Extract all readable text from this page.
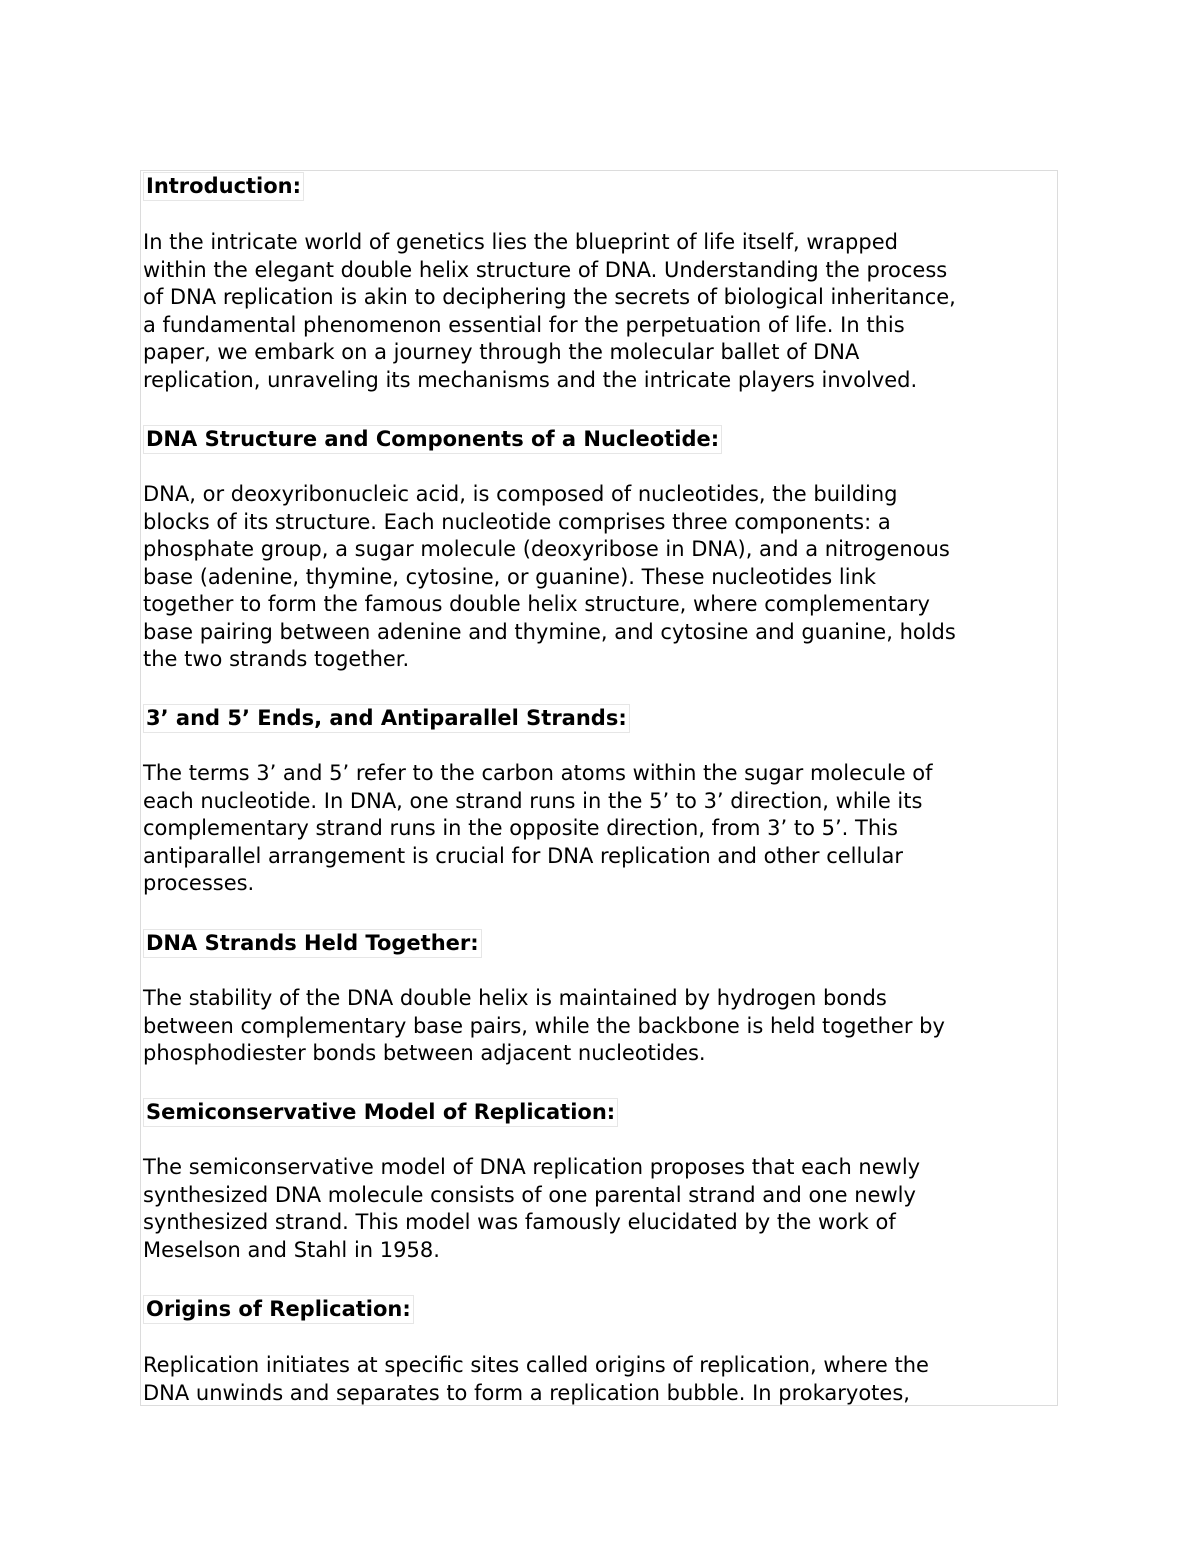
Introduction:

In the intricate world of genetics lies the blueprint of life itself, wrapped
within the elegant double helix structure of DNA. Understanding the process
of DNA replication is akin to deciphering the secrets of biological inheritance,
a fundamental phenomenon essential for the perpetuation of life. In this
paper, we embark on a journey through the molecular ballet of DNA
replication, unraveling its mechanisms and the intricate players involved.

DNA Structure and Components of a Nucleotide:

DNA, or deoxyribonucleic acid, is composed of nucleotides, the building
blocks of its structure. Each nucleotide comprises three components: a
phosphate group, a sugar molecule (deoxyribose in DNA), and a nitrogenous
base (adenine, thymine, cytosine, or guanine). These nucleotides link
together to form the famous double helix structure, where complementary
base pairing between adenine and thymine, and cytosine and guanine, holds
the two strands together.

3’ and 5’ Ends, and Antiparallel Strands:

The terms 3’ and 5’ refer to the carbon atoms within the sugar molecule of
each nucleotide. In DNA, one strand runs in the 5’ to 3’ direction, while its
complementary strand runs in the opposite direction, from 3’ to 5’. This
antiparallel arrangement is crucial for DNA replication and other cellular
processes.

DNA Strands Held Together:

The stability of the DNA double helix is maintained by hydrogen bonds
between complementary base pairs, while the backbone is held together by
phosphodiester bonds between adjacent nucleotides.

Semiconservative Model of Replication:

The semiconservative model of DNA replication proposes that each newly
synthesized DNA molecule consists of one parental strand and one newly
synthesized strand. This model was famously elucidated by the work of
Meselson and Stahl in 1958.

Origins of Replication:

Replication initiates at specific sites called origins of replication, where the
DNA unwinds and separates to form a replication bubble. In prokaryotes,
